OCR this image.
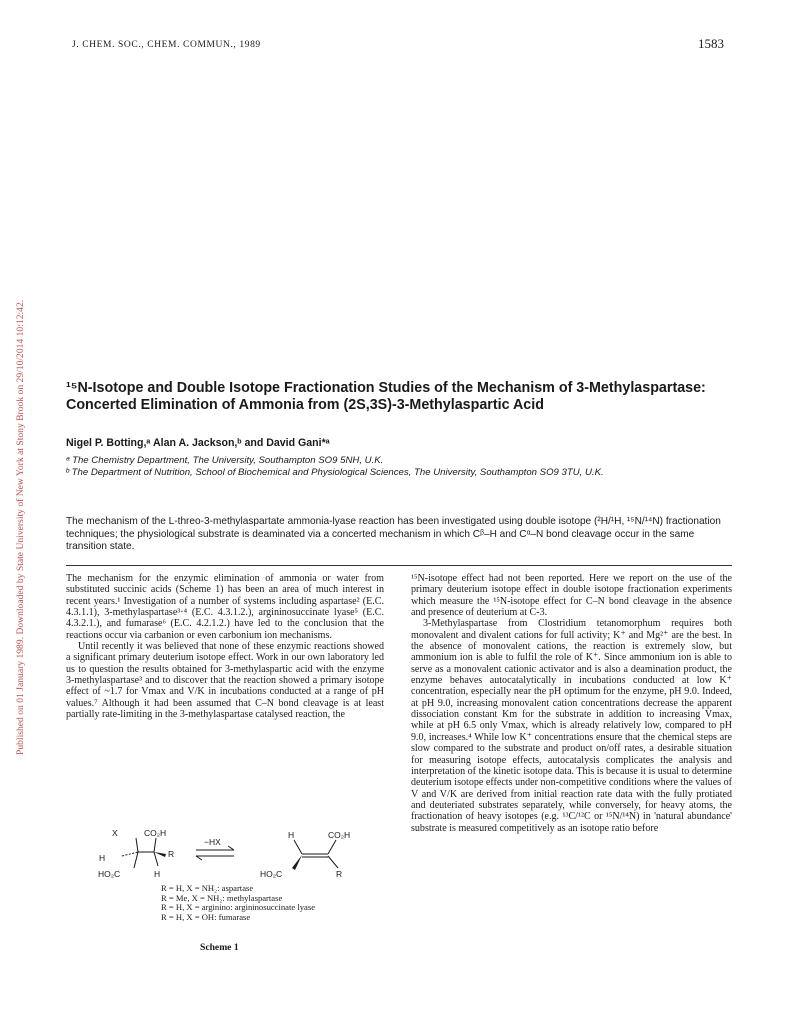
J. CHEM. SOC., CHEM. COMMUN., 1989	1583
Published on 01 January 1989. Downloaded by State University of New York at Stony Brook on 29/10/2014 10:12:42.	¹⁵N-Isotope and Double Isotope Fractionation Studies of the Mechanism of 3-Methylaspartase: Concerted Elimination of Ammonia from (2S,3S)-3-Methylaspartic Acid
Nigel P. Botting,ᵃ Alan A. Jackson,ᵇ and David Gani*ᵃ
ᵃ The Chemistry Department, The University, Southampton SO9 5NH, U.K.
ᵇ The Department of Nutrition, School of Biochemical and Physiological Sciences, The University, Southampton SO9 3TU, U.K.
The mechanism of the L-threo-3-methylaspartate ammonia-lyase reaction has been investigated using double isotope (²H/¹H, ¹⁵N/¹⁴N) fractionation techniques; the physiological substrate is deaminated via a concerted mechanism in which Cᵝ–H and Cᵅ–N bond cleavage occur in the same transition state.

The mechanism for the enzymic elimination of ammonia or water from substituted succinic acids (Scheme 1) has been an area of much interest in recent years.¹ Investigation of a number of systems including aspartase² (E.C. 4.3.1.1), 3-methylaspartase³·⁴ (E.C. 4.3.1.2.), argininosuccinate lyase⁵ (E.C. 4.3.2.1.), and fumarase⁶ (E.C. 4.2.1.2.) have led to the conclusion that the reactions occur via carbanion or even carbonium ion mechanisms.

Until recently it was believed that none of these enzymic reactions showed a significant primary deuterium isotope effect. Work in our own laboratory led us to question the results obtained for 3-methylaspartic acid with the enzyme 3-methylaspartase³ and to discover that the reaction showed a primary isotope effect of ~1.7 for Vmax and V/K in incubations conducted at a range of pH values.⁷ Although it had been assumed that C–N bond cleavage is at least partially rate-limiting in the 3-methylaspartase catalysed reaction, the

¹⁵N-isotope effect had not been reported. Here we report on the use of the primary deuterium isotope effect in double isotope fractionation experiments which measure the ¹⁵N-isotope effect for C–N bond cleavage in the absence and presence of deuterium at C-3.

3-Methylaspartase from Clostridium tetanomorphum requires both monovalent and divalent cations for full activity; K⁺ and Mg²⁺ are the best. In the absence of monovalent cations, the reaction is extremely slow, but ammonium ion is able to fulfil the role of K⁺. Since ammonium ion is able to serve as a monovalent cationic activator and is also a deamination product, the enzyme behaves autocatalytically in incubations conducted at low K⁺ concentration, especially near the pH optimum for the enzyme, pH 9.0. Indeed, at pH 9.0, increasing monovalent cation concentrations decrease the apparent dissociation constant Km for the substrate in addition to increasing Vmax, while at pH 6.5 only Vmax, which is already relatively low, compared to pH 9.0, increases.⁴ While low K⁺ concentrations ensure that the chemical steps are slow compared to the substrate and product on/off rates, a desirable situation for measuring isotope effects, autocatalysis complicates the analysis and interpretation of the kinetic isotope data. This is because it is usual to determine deuterium isotope effects under non-competitive conditions where the values of V and V/K are derived from initial reaction rate data with the fully protiated and deuteriated substrates separately, while conversely, for heavy atoms, the fractionation of heavy isotopes (e.g. ¹³C/¹²C or ¹⁵N/¹⁴N) in 'natural abundance' substrate is measured competitively as an isotope ratio before

X	CO₂H
H	R
HO₂C	H
−HX
H	CO₂H
HO₂C	R
R = H, X = NH₂: aspartase
R = Me, X = NH₂: methylaspartase
R = H, X = arginino: argininosuccinate lyase
R = H, X = OH: fumarase
Scheme 1
